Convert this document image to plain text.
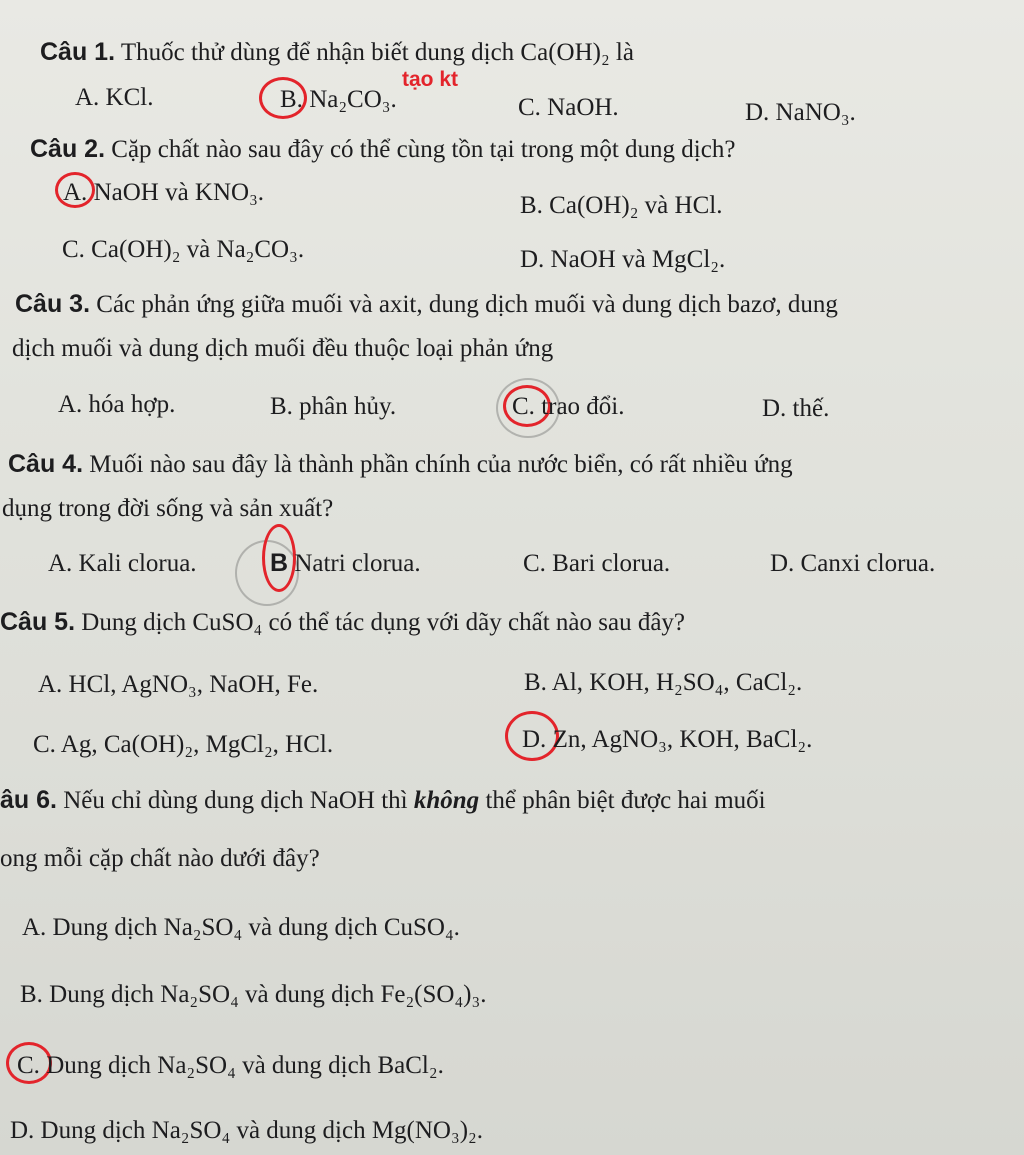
Câu 1. Thuốc thử dùng để nhận biết dung dịch Ca(OH)₂ là
tạo kt
A. KCl.	B. Na₂CO₃.	C. NaOH.	D. NaNO₃.
Câu 2. Cặp chất nào sau đây có thể cùng tồn tại trong một dung dịch?
A. NaOH và KNO₃.	B. Ca(OH)₂ và HCl.
C. Ca(OH)₂ và Na₂CO₃.	D. NaOH và MgCl₂.
Câu 3. Các phản ứng giữa muối và axit, dung dịch muối và dung dịch bazơ, dung
dịch muối và dung dịch muối đều thuộc loại phản ứng
A. hóa hợp.	B. phân hủy.	C. trao đổi.	D. thế.
Câu 4. Muối nào sau đây là thành phần chính của nước biển, có rất nhiều ứng
dụng trong đời sống và sản xuất?
A. Kali clorua.	B Natri clorua.	C. Bari clorua.	D. Canxi clorua.
Câu 5. Dung dịch CuSO₄ có thể tác dụng với dãy chất nào sau đây?
A. HCl, AgNO₃, NaOH, Fe.	B. Al, KOH, H₂SO₄, CaCl₂.
C. Ag, Ca(OH)₂, MgCl₂, HCl.	D. Zn, AgNO₃, KOH, BaCl₂.
âu 6. Nếu chỉ dùng dung dịch NaOH thì không thể phân biệt được hai muối
ong mỗi cặp chất nào dưới đây?
A. Dung dịch Na₂SO₄ và dung dịch CuSO₄.
B. Dung dịch Na₂SO₄ và dung dịch Fe₂(SO₄)₃.
C. Dung dịch Na₂SO₄ và dung dịch BaCl₂.
D. Dung dịch Na₂SO₄ và dung dịch Mg(NO₃)₂.
